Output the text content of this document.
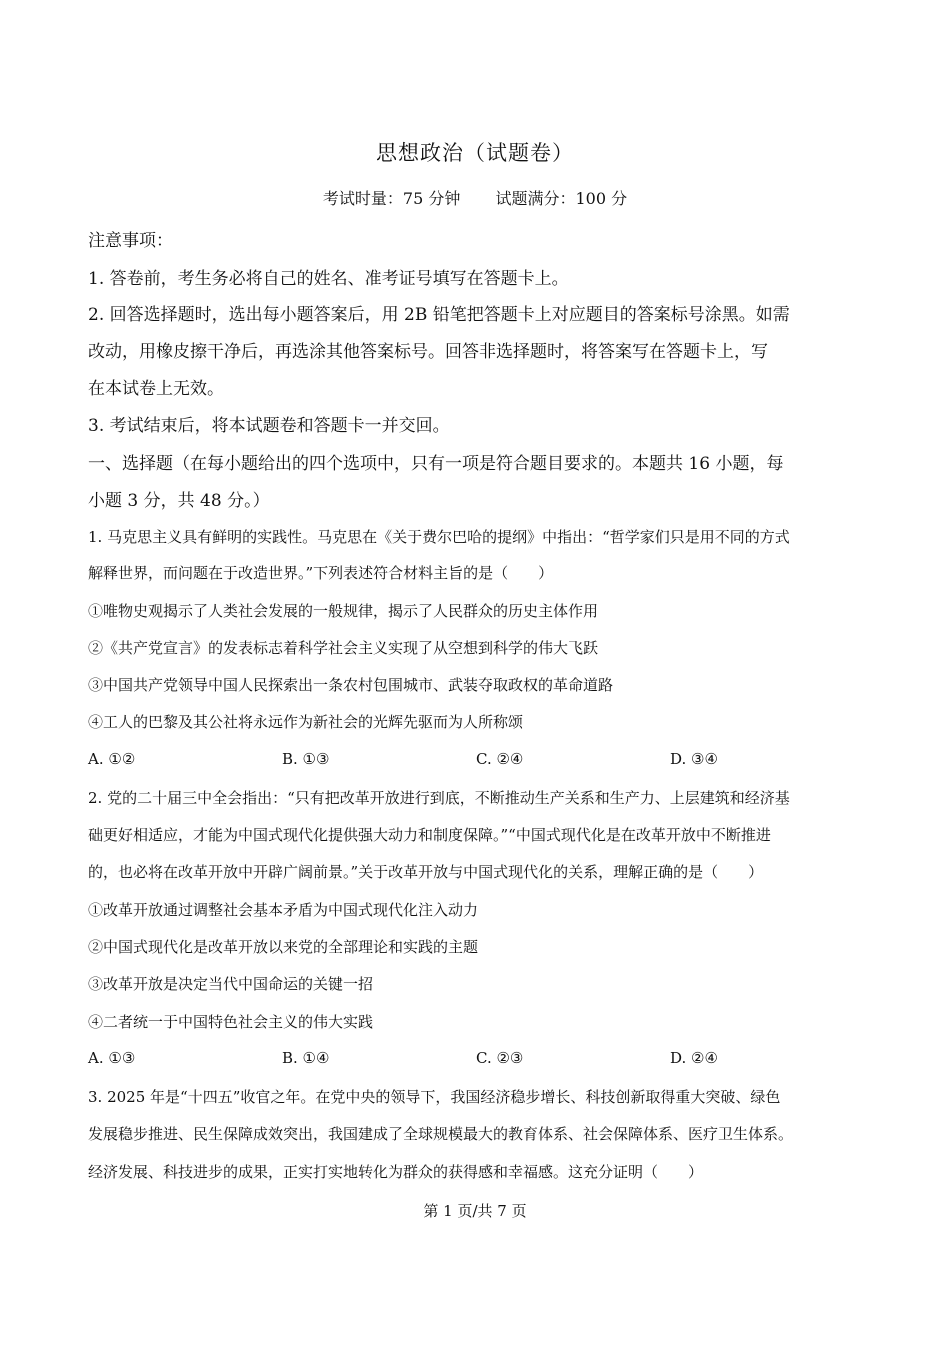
思想政治（试题卷）
考试时量：75 分钟 试题满分：100 分
注意事项：
1. 答卷前，考生务必将自己的姓名、准考证号填写在答题卡上。
2. 回答选择题时，选出每小题答案后，用 2B 铅笔把答题卡上对应题目的答案标号涂黑。如需
改动，用橡皮擦干净后，再选涂其他答案标号。回答非选择题时，将答案写在答题卡上，写
在本试卷上无效。
3. 考试结束后，将本试题卷和答题卡一并交回。
一、选择题（在每小题给出的四个选项中，只有一项是符合题目要求的。本题共 16 小题，每
小题 3 分，共 48 分。）
1. 马克思主义具有鲜明的实践性。马克思在《关于费尔巴哈的提纲》中指出：“哲学家们只是用不同的方式
解释世界，而问题在于改造世界。”下列表述符合材料主旨的是（　　）
①唯物史观揭示了人类社会发展的一般规律，揭示了人民群众的历史主体作用
②《共产党宣言》的发表标志着科学社会主义实现了从空想到科学的伟大飞跃
③中国共产党领导中国人民探索出一条农村包围城市、武装夺取政权的革命道路
④工人的巴黎及其公社将永远作为新社会的光辉先驱而为人所称颂
A. ①②	B. ①③	C. ②④	D. ③④
2. 党的二十届三中全会指出：“只有把改革开放进行到底，不断推动生产关系和生产力、上层建筑和经济基
础更好相适应，才能为中国式现代化提供强大动力和制度保障。”“中国式现代化是在改革开放中不断推进
的，也必将在改革开放中开辟广阔前景。”关于改革开放与中国式现代化的关系，理解正确的是（　　）
①改革开放通过调整社会基本矛盾为中国式现代化注入动力
②中国式现代化是改革开放以来党的全部理论和实践的主题
③改革开放是决定当代中国命运的关键一招
④二者统一于中国特色社会主义的伟大实践
A. ①③	B. ①④	C. ②③	D. ②④
3. 2025 年是“十四五”收官之年。在党中央的领导下，我国经济稳步增长、科技创新取得重大突破、绿色
发展稳步推进、民生保障成效突出，我国建成了全球规模最大的教育体系、社会保障体系、医疗卫生体系。
经济发展、科技进步的成果，正实打实地转化为群众的获得感和幸福感。这充分证明（　　）
第 1 页/共 7 页
